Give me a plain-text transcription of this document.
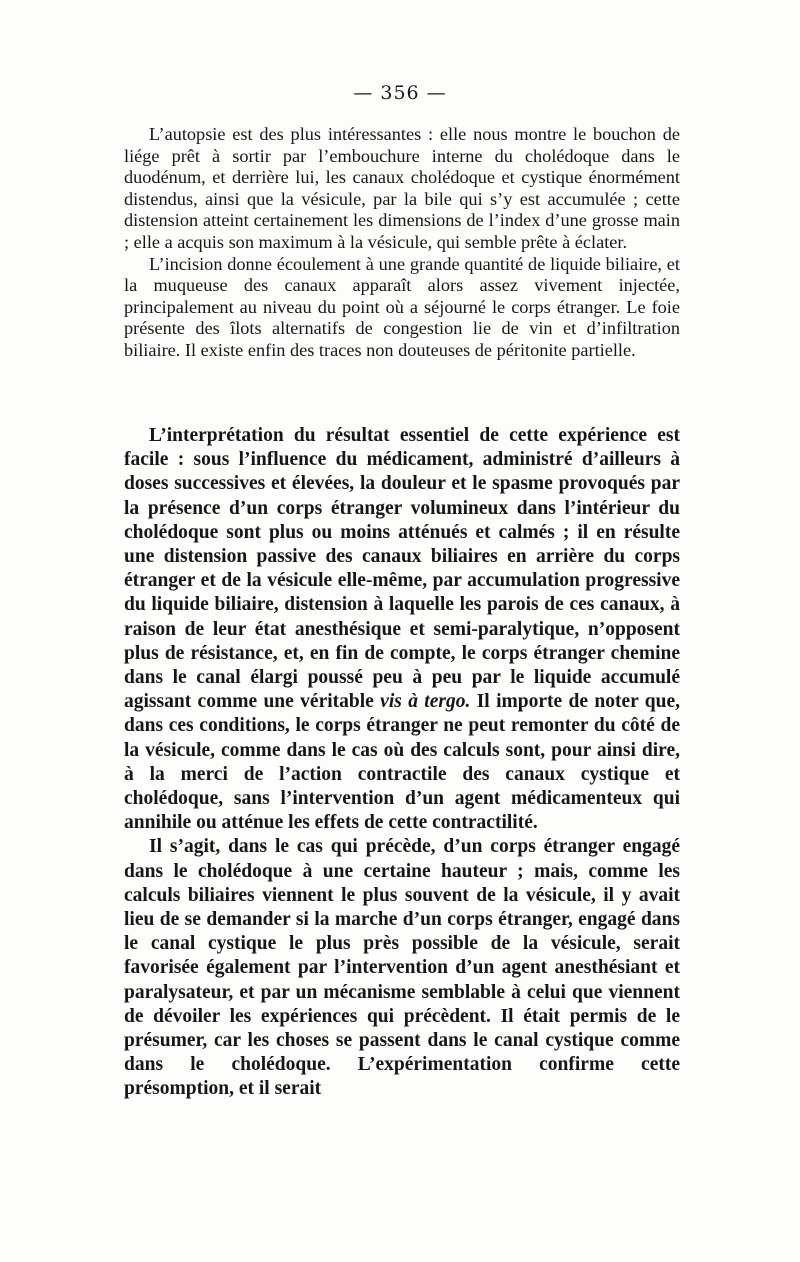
— 356 —

L’autopsie est des plus intéressantes : elle nous montre le bouchon de liége prêt à sortir par l’embouchure interne du cholédoque dans le duodénum, et derrière lui, les canaux cholédoque et cystique énormément distendus, ainsi que la vésicule, par la bile qui s’y est accumulée ; cette distension atteint certainement les dimensions de l’index d’une grosse main ; elle a acquis son maximum à la vésicule, qui semble prête à éclater.

L’incision donne écoulement à une grande quantité de liquide biliaire, et la muqueuse des canaux apparaît alors assez vivement injectée, principalement au niveau du point où a séjourné le corps étranger. Le foie présente des îlots alternatifs de congestion lie de vin et d’infiltration biliaire. Il existe enfin des traces non douteuses de péritonite partielle.

L’interprétation du résultat essentiel de cette expérience est facile : sous l’influence du médicament, administré d’ailleurs à doses successives et élevées, la douleur et le spasme provoqués par la présence d’un corps étranger volumineux dans l’intérieur du cholédoque sont plus ou moins atténués et calmés ; il en résulte une distension passive des canaux biliaires en arrière du corps étranger et de la vésicule elle-même, par accumulation progressive du liquide biliaire, distension à laquelle les parois de ces canaux, à raison de leur état anesthésique et semi-paralytique, n’opposent plus de résistance, et, en fin de compte, le corps étranger chemine dans le canal élargi poussé peu à peu par le liquide accumulé agissant comme une véritable vis à tergo. Il importe de noter que, dans ces conditions, le corps étranger ne peut remonter du côté de la vésicule, comme dans le cas où des calculs sont, pour ainsi dire, à la merci de l’action contractile des canaux cystique et cholédoque, sans l’intervention d’un agent médicamenteux qui annihile ou atténue les effets de cette contractilité.

Il s’agit, dans le cas qui précède, d’un corps étranger engagé dans le cholédoque à une certaine hauteur ; mais, comme les calculs biliaires viennent le plus souvent de la vésicule, il y avait lieu de se demander si la marche d’un corps étranger, engagé dans le canal cystique le plus près possible de la vésicule, serait favorisée également par l’intervention d’un agent anesthésiant et paralysateur, et par un mécanisme semblable à celui que viennent de dévoiler les expériences qui précèdent. Il était permis de le présumer, car les choses se passent dans le canal cystique comme dans le cholédoque. L’expérimentation confirme cette présomption, et il serait
